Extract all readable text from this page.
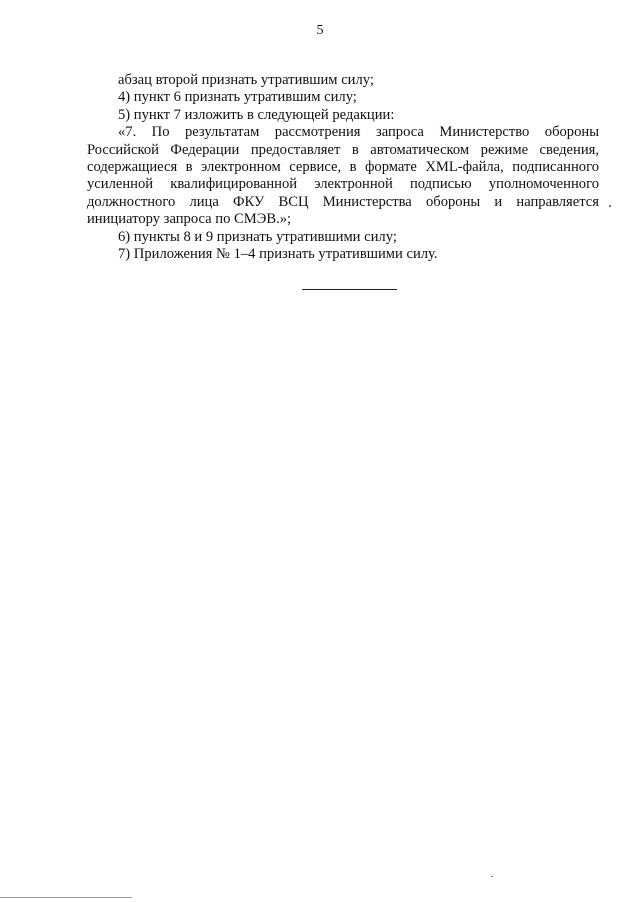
5

абзац второй признать утратившим силу;

4) пункт 6 признать утратившим силу;

5) пункт 7 изложить в следующей редакции:

«7. По результатам рассмотрения запроса Министерство обороны Российской Федерации предоставляет в автоматическом режиме сведения, содержащиеся в электронном сервисе, в формате XML-файла, подписанного усиленной квалифицированной электронной подписью уполномоченного должностного лица ФКУ ВСЦ Министерства обороны и направляется инициатору запроса по СМЭВ.»;

6) пункты 8 и 9 признать утратившими силу;

7) Приложения № 1–4 признать утратившими силу.
